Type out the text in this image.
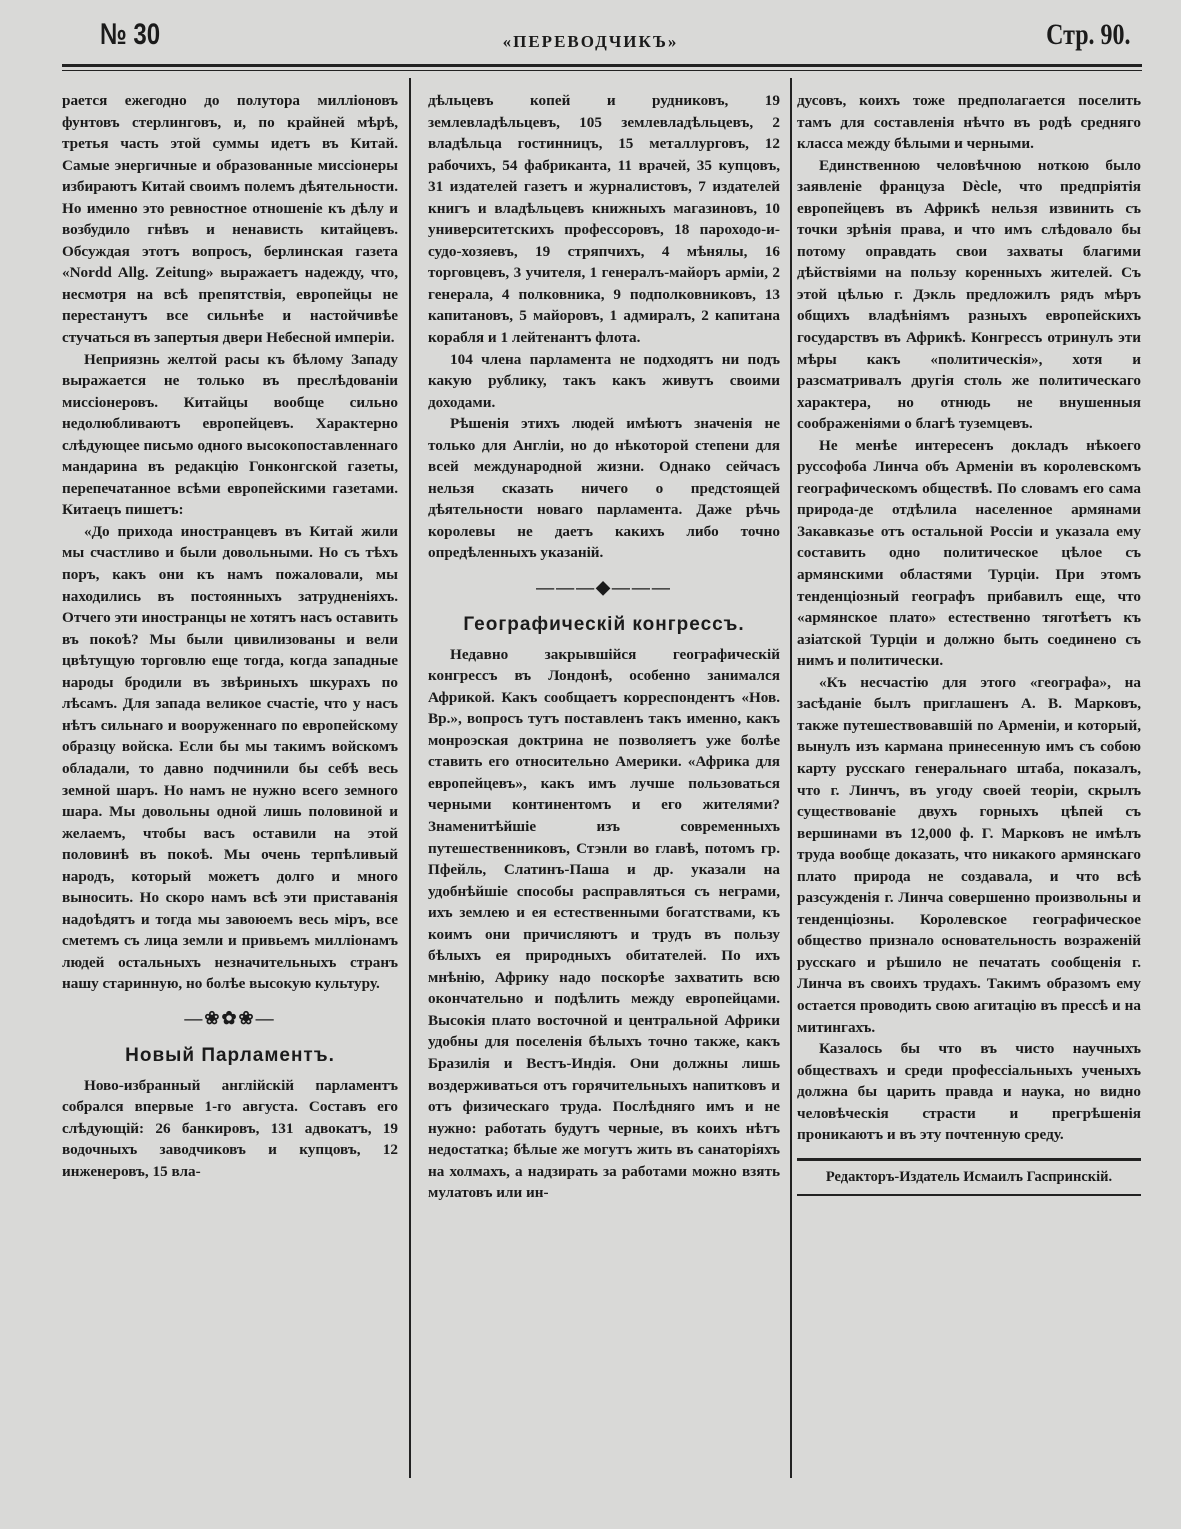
№ 30	«ПЕРЕВОДЧИКЪ»	Стр. 90.

рается ежегодно до полутора милліоновъ фунтовъ стерлинговъ, и, по крайней мѣрѣ, третья часть этой суммы идетъ въ Китай. Самые энергичные и образованные миссіонеры избираютъ Китай своимъ полемъ дѣятельности. Но именно это ревностное отношеніе къ дѣлу и возбудило гнѣвъ и ненависть китайцевъ. Обсуждая этотъ вопросъ, берлинская газета «Nordd Allg. Zeitung» выражаетъ надежду, что, несмотря на всѣ препятствія, европейцы не перестанутъ все сильнѣе и настойчивѣе стучаться въ запертыя двери Небесной имперіи.

Неприязнь желтой расы къ бѣлому Западу выражается не только въ преслѣдованіи миссіонеровъ. Китайцы вообще сильно недолюбливаютъ европейцевъ. Характерно слѣдующее письмо одного высокопоставленнаго мандарина въ редакцію Гонконгской газеты, перепечатанное всѣми европейскими газетами. Китаецъ пишетъ:

«До прихода иностранцевъ въ Китай жили мы счастливо и были довольными. Но съ тѣхъ поръ, какъ они къ намъ пожаловали, мы находились въ постоянныхъ затрудненіяхъ. Отчего эти иностранцы не хотятъ насъ оставить въ покоѣ? Мы были цивилизованы и вели цвѣтущую торговлю еще тогда, когда западные народы бродили въ звѣриныхъ шкурахъ по лѣсамъ. Для запада великое счастіе, что у насъ нѣтъ сильнаго и вооруженнаго по европейскому образцу войска. Если бы мы такимъ войскомъ обладали, то давно подчинили бы себѣ весь земной шаръ. Но намъ не нужно всего земного шара. Мы довольны одной лишь половиной и желаемъ, чтобы васъ оставили на этой половинѣ въ покоѣ. Мы очень терпѣливый народъ, который можетъ долго и много выносить. Но скоро намъ всѣ эти приставанія надоѣдятъ и тогда мы завоюемъ весь міръ, все сметемъ съ лица земли и привьемъ милліонамъ людей остальныхъ незначительныхъ странъ нашу старинную, но болѣе высокую культуру.

—❀✿❀—
Новый Парламентъ.

Ново-избранный англійскій парламентъ собрался впервые 1-го августа. Составъ его слѣдующій: 26 банкировъ, 131 адвокатъ, 19 водочныхъ заводчиковъ и купцовъ, 12 инженеровъ, 15 вла-

дѣльцевъ копей и рудниковъ, 19 землевладѣльцевъ, 105 землевладѣльцевъ, 2 владѣльца гостинницъ, 15 металлурговъ, 12 рабочихъ, 54 фабриканта, 11 врачей, 35 купцовъ, 31 издателей газетъ и журналистовъ, 7 издателей книгъ и владѣльцевъ книжныхъ магазиновъ, 10 университетскихъ профессоровъ, 18 пароходо-и-судо-хозяевъ, 19 стряпчихъ, 4 мѣнялы, 16 торговцевъ, 3 учителя, 1 генералъ-майоръ арміи, 2 генерала, 4 полковника, 9 подполковниковъ, 13 капитановъ, 5 майоровъ, 1 адмиралъ, 2 капитана корабля и 1 лейтенантъ флота.

104 члена парламента не подходятъ ни подъ какую рублику, такъ какъ живутъ своими доходами.

Рѣшенія этихъ людей имѣютъ значенія не только для Англіи, но до нѣкоторой степени для всей международной жизни. Однако сейчасъ нельзя сказать ничего о предстоящей дѣятельности новаго парламента. Даже рѣчь королевы не даетъ какихъ либо точно опредѣленныхъ указаній.

———◆———
Географическій конгрессъ.

Недавно закрывшійся географическій конгрессъ въ Лондонѣ, особенно занимался Африкой. Какъ сообщаетъ корреспондентъ «Нов. Вр.», вопросъ тутъ поставленъ такъ именно, какъ монроэская доктрина не позволяетъ уже болѣе ставить его относительно Америки. «Африка для европейцевъ», какъ имъ лучше пользоваться черными континентомъ и его жителями? Знаменитѣйшіе изъ современныхъ путешественниковъ, Стэнли во главѣ, потомъ гр. Пфейль, Слатинъ-Паша и др. указали на удобнѣйшіе способы расправляться съ неграми, ихъ землею и ея естественными богатствами, къ коимъ они причисляютъ и трудъ въ пользу бѣлыхъ ея природныхъ обитателей. По ихъ мнѣнію, Африку надо поскорѣе захватить всю окончательно и подѣлить между европейцами. Высокія плато восточной и центральной Африки удобны для поселенія бѣлыхъ точно также, какъ Бразилія и Вестъ-Индія. Они должны лишь воздерживаться отъ горячительныхъ напитковъ и отъ физическаго труда. Послѣдняго имъ и не нужно: работать будутъ черные, въ коихъ нѣтъ недостатка; бѣлые же могутъ жить въ санаторіяхъ на холмахъ, а надзирать за работами можно взять мулатовъ или ин-

дусовъ, коихъ тоже предполагается поселить тамъ для составленія нѣчто въ родѣ средняго класса между бѣлыми и черными.

Единственною человѣчною ноткою было заявленіе француза Dècle, что предпріятія европейцевъ въ Африкѣ нельзя извинить съ точки зрѣнія права, и что имъ слѣдовало бы потому оправдать свои захваты благими дѣйствіями на пользу коренныхъ жителей. Съ этой цѣлью г. Дэкль предложилъ рядъ мѣръ общихъ владѣніямъ разныхъ европейскихъ государствъ въ Африкѣ. Конгрессъ отринулъ эти мѣры какъ «политическія», хотя и разсматривалъ другія столь же политическаго характера, но отнюдь не внушенныя соображеніями о благѣ туземцевъ.

Не менѣе интересенъ докладъ нѣкоего руссофоба Линча объ Арменіи въ королевскомъ географическомъ обществѣ. По словамъ его сама природа-де отдѣлила населенное армянами Закавказье отъ остальной Россіи и указала ему составить одно политическое цѣлое съ армянскими областями Турціи. При этомъ тенденціозный географъ прибавилъ еще, что «армянское плато» естественно тяготѣетъ къ азіатской Турціи и должно быть соединено съ нимъ и политически.

«Къ несчастію для этого «географа», на засѣданіе былъ приглашенъ А. В. Марковъ, также путешествовавшій по Арменіи, и который, вынулъ изъ кармана принесенную имъ съ собою карту русскаго генеральнаго штаба, показалъ, что г. Линчъ, въ угоду своей теоріи, скрылъ существованіе двухъ горныхъ цѣпей съ вершинами въ 12,000 ф. Г. Марковъ не имѣлъ труда вообще доказать, что никакого армянскаго плато природа не создавала, и что всѣ разсужденія г. Линча совершенно произвольны и тенденціозны. Королевское географическое общество признало основательность возраженій русскаго и рѣшило не печатать сообщенія г. Линча въ своихъ трудахъ. Такимъ образомъ ему остается проводить свою агитацію въ прессѣ и на митингахъ.

Казалось бы что въ чисто научныхъ обществахъ и среди профессіальныхъ ученыхъ должна бы царить правда и наука, но видно человѣческія страсти и прегрѣшенія проникаютъ и въ эту почтенную среду.

Редакторъ-Издатель Исмаилъ Гаспринскій.
